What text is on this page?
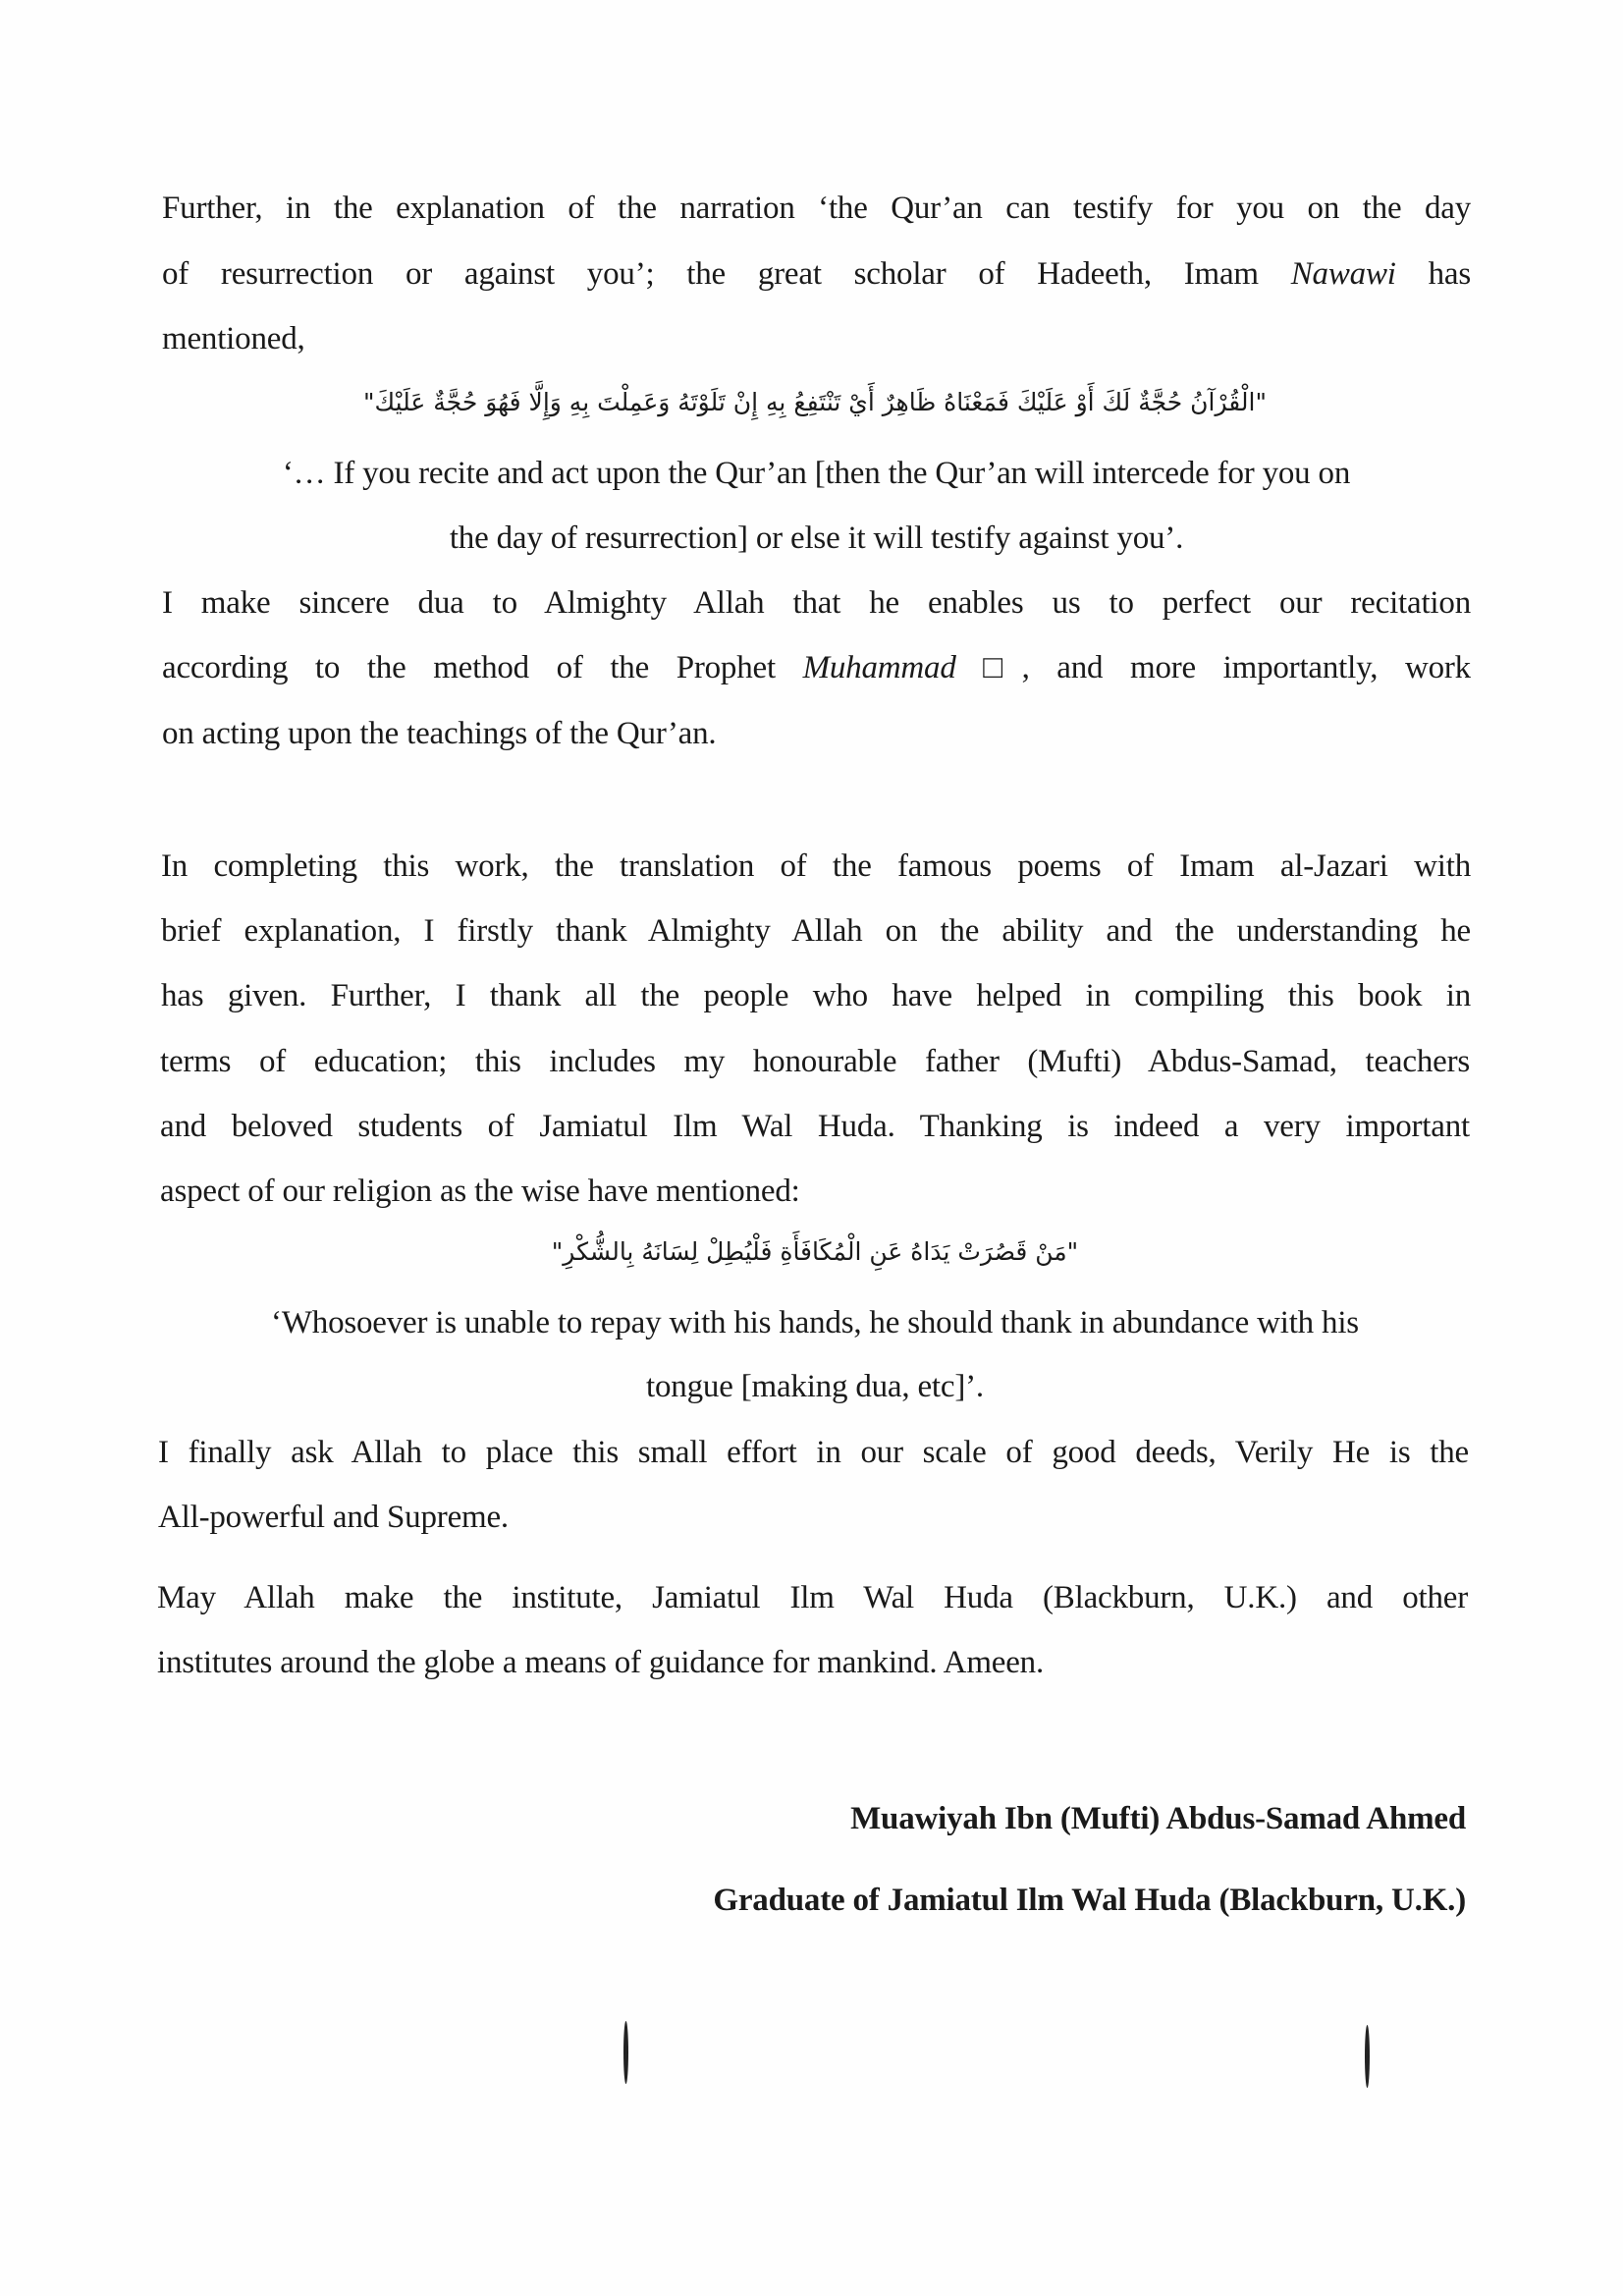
Further, in the explanation of the narration ‘the Qur’an can testify for you on the day
of resurrection or against you’; the great scholar of Hadeeth, Imam Nawawi has
mentioned,
"الْقُرْآنُ حُجَّةٌ لَكَ أَوْ عَلَيْكَ فَمَعْنَاهُ ظَاهِرٌ أَيْ تَنْتَفِعُ بِهِ إِنْ تَلَوْتَهُ وَعَمِلْتَ بِهِ وَإِلَّا فَهُوَ حُجَّةٌ عَلَيْكَ"
‘… If you recite and act upon the Qur’an [then the Qur’an will intercede for you on
the day of resurrection] or else it will testify against you’.
I make sincere dua to Almighty Allah that he enables us to perfect our recitation
according to the method of the Prophet Muhammad □, and more importantly, work
on acting upon the teachings of the Qur’an.
In completing this work, the translation of the famous poems of Imam al-Jazari with
brief explanation, I firstly thank Almighty Allah on the ability and the understanding he
has given. Further, I thank all the people who have helped in compiling this book in
terms of education; this includes my honourable father (Mufti) Abdus-Samad, teachers
and beloved students of Jamiatul Ilm Wal Huda. Thanking is indeed a very important
aspect of our religion as the wise have mentioned:
"مَنْ قَصُرَتْ يَدَاهُ عَنِ الْمُكَافَأَةِ فَلْيُطِلْ لِسَانَهُ بِالشُّكْرِ"
‘Whosoever is unable to repay with his hands, he should thank in abundance with his
tongue [making dua, etc]’.
I finally ask Allah to place this small effort in our scale of good deeds, Verily He is the
All-powerful and Supreme.
May Allah make the institute, Jamiatul Ilm Wal Huda (Blackburn, U.K.) and other
institutes around the globe a means of guidance for mankind. Ameen.
Muawiyah Ibn (Mufti) Abdus-Samad Ahmed
Graduate of Jamiatul Ilm Wal Huda (Blackburn, U.K.)
